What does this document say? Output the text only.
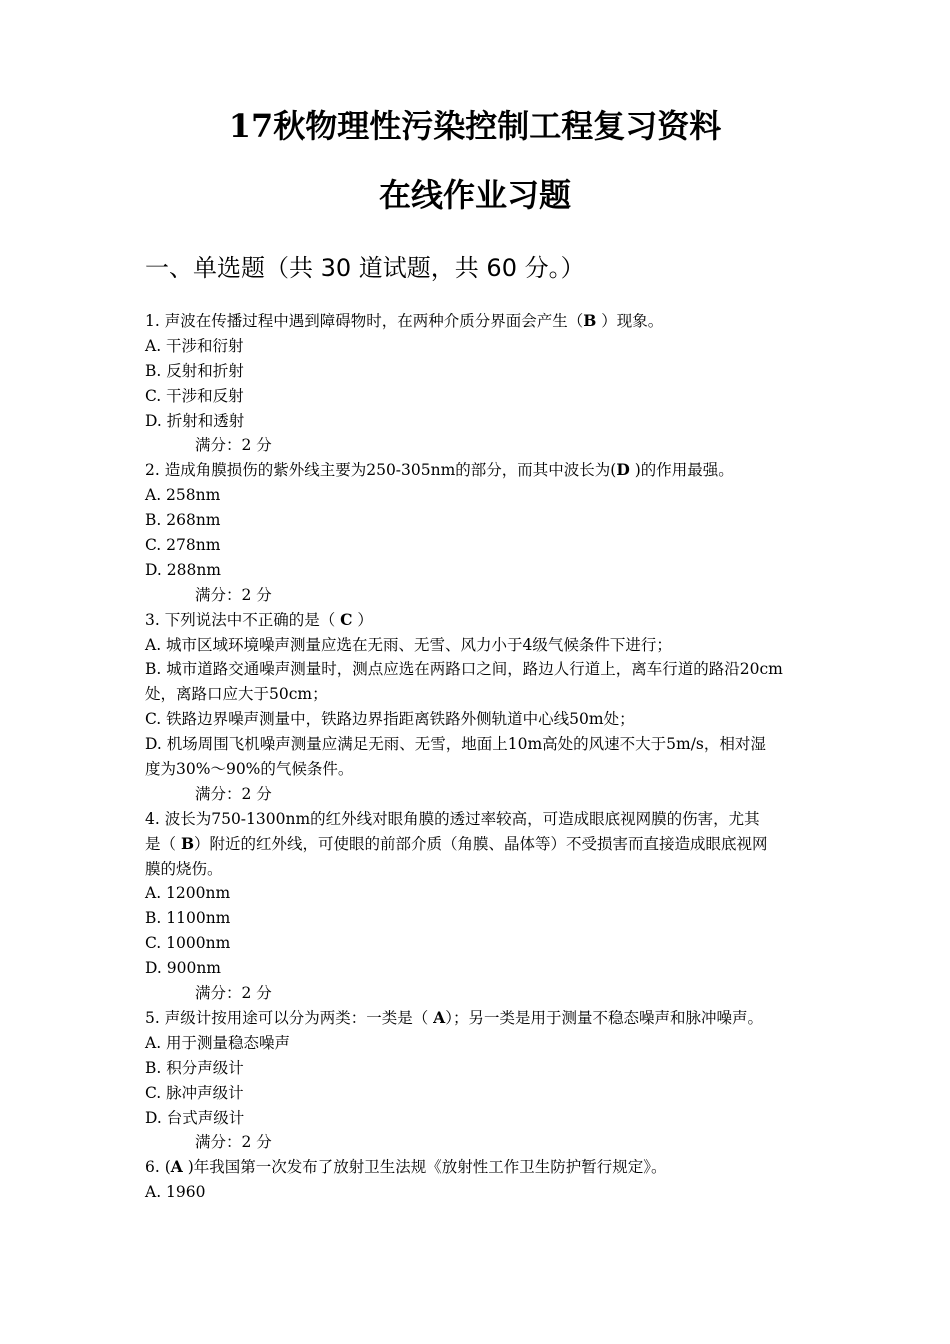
17秋物理性污染控制工程复习资料
在线作业习题
一、单选题（共 30 道试题，共 60 分。）
1. 声波在传播过程中遇到障碍物时，在两种介质分界面会产生（B ）现象。
A. 干涉和衍射
B. 反射和折射
C. 干涉和反射
D. 折射和透射
满分：2 分
2. 造成角膜损伤的紫外线主要为250-305nm的部分，而其中波长为(D )的作用最强。
A. 258nm
B. 268nm
C. 278nm
D. 288nm
满分：2 分
3. 下列说法中不正确的是（ C ）
A. 城市区域环境噪声测量应选在无雨、无雪、风力小于4级气候条件下进行；
B. 城市道路交通噪声测量时，测点应选在两路口之间，路边人行道上，离车行道的路沿20cm
处，离路口应大于50cm；
C. 铁路边界噪声测量中，铁路边界指距离铁路外侧轨道中心线50m处；
D. 机场周围飞机噪声测量应满足无雨、无雪，地面上10m高处的风速不大于5m/s，相对湿
度为30%～90%的气候条件。
满分：2 分
4. 波长为750-1300nm的红外线对眼角膜的透过率较高，可造成眼底视网膜的伤害，尤其
是（ B）附近的红外线，可使眼的前部介质（角膜、晶体等）不受损害而直接造成眼底视网
膜的烧伤。
A. 1200nm
B. 1100nm
C. 1000nm
D. 900nm
满分：2 分
5. 声级计按用途可以分为两类：一类是（ A）；另一类是用于测量不稳态噪声和脉冲噪声。
A. 用于测量稳态噪声
B. 积分声级计
C. 脉冲声级计
D. 台式声级计
满分：2 分
6. (A )年我国第一次发布了放射卫生法规《放射性工作卫生防护暂行规定》。
A. 1960
